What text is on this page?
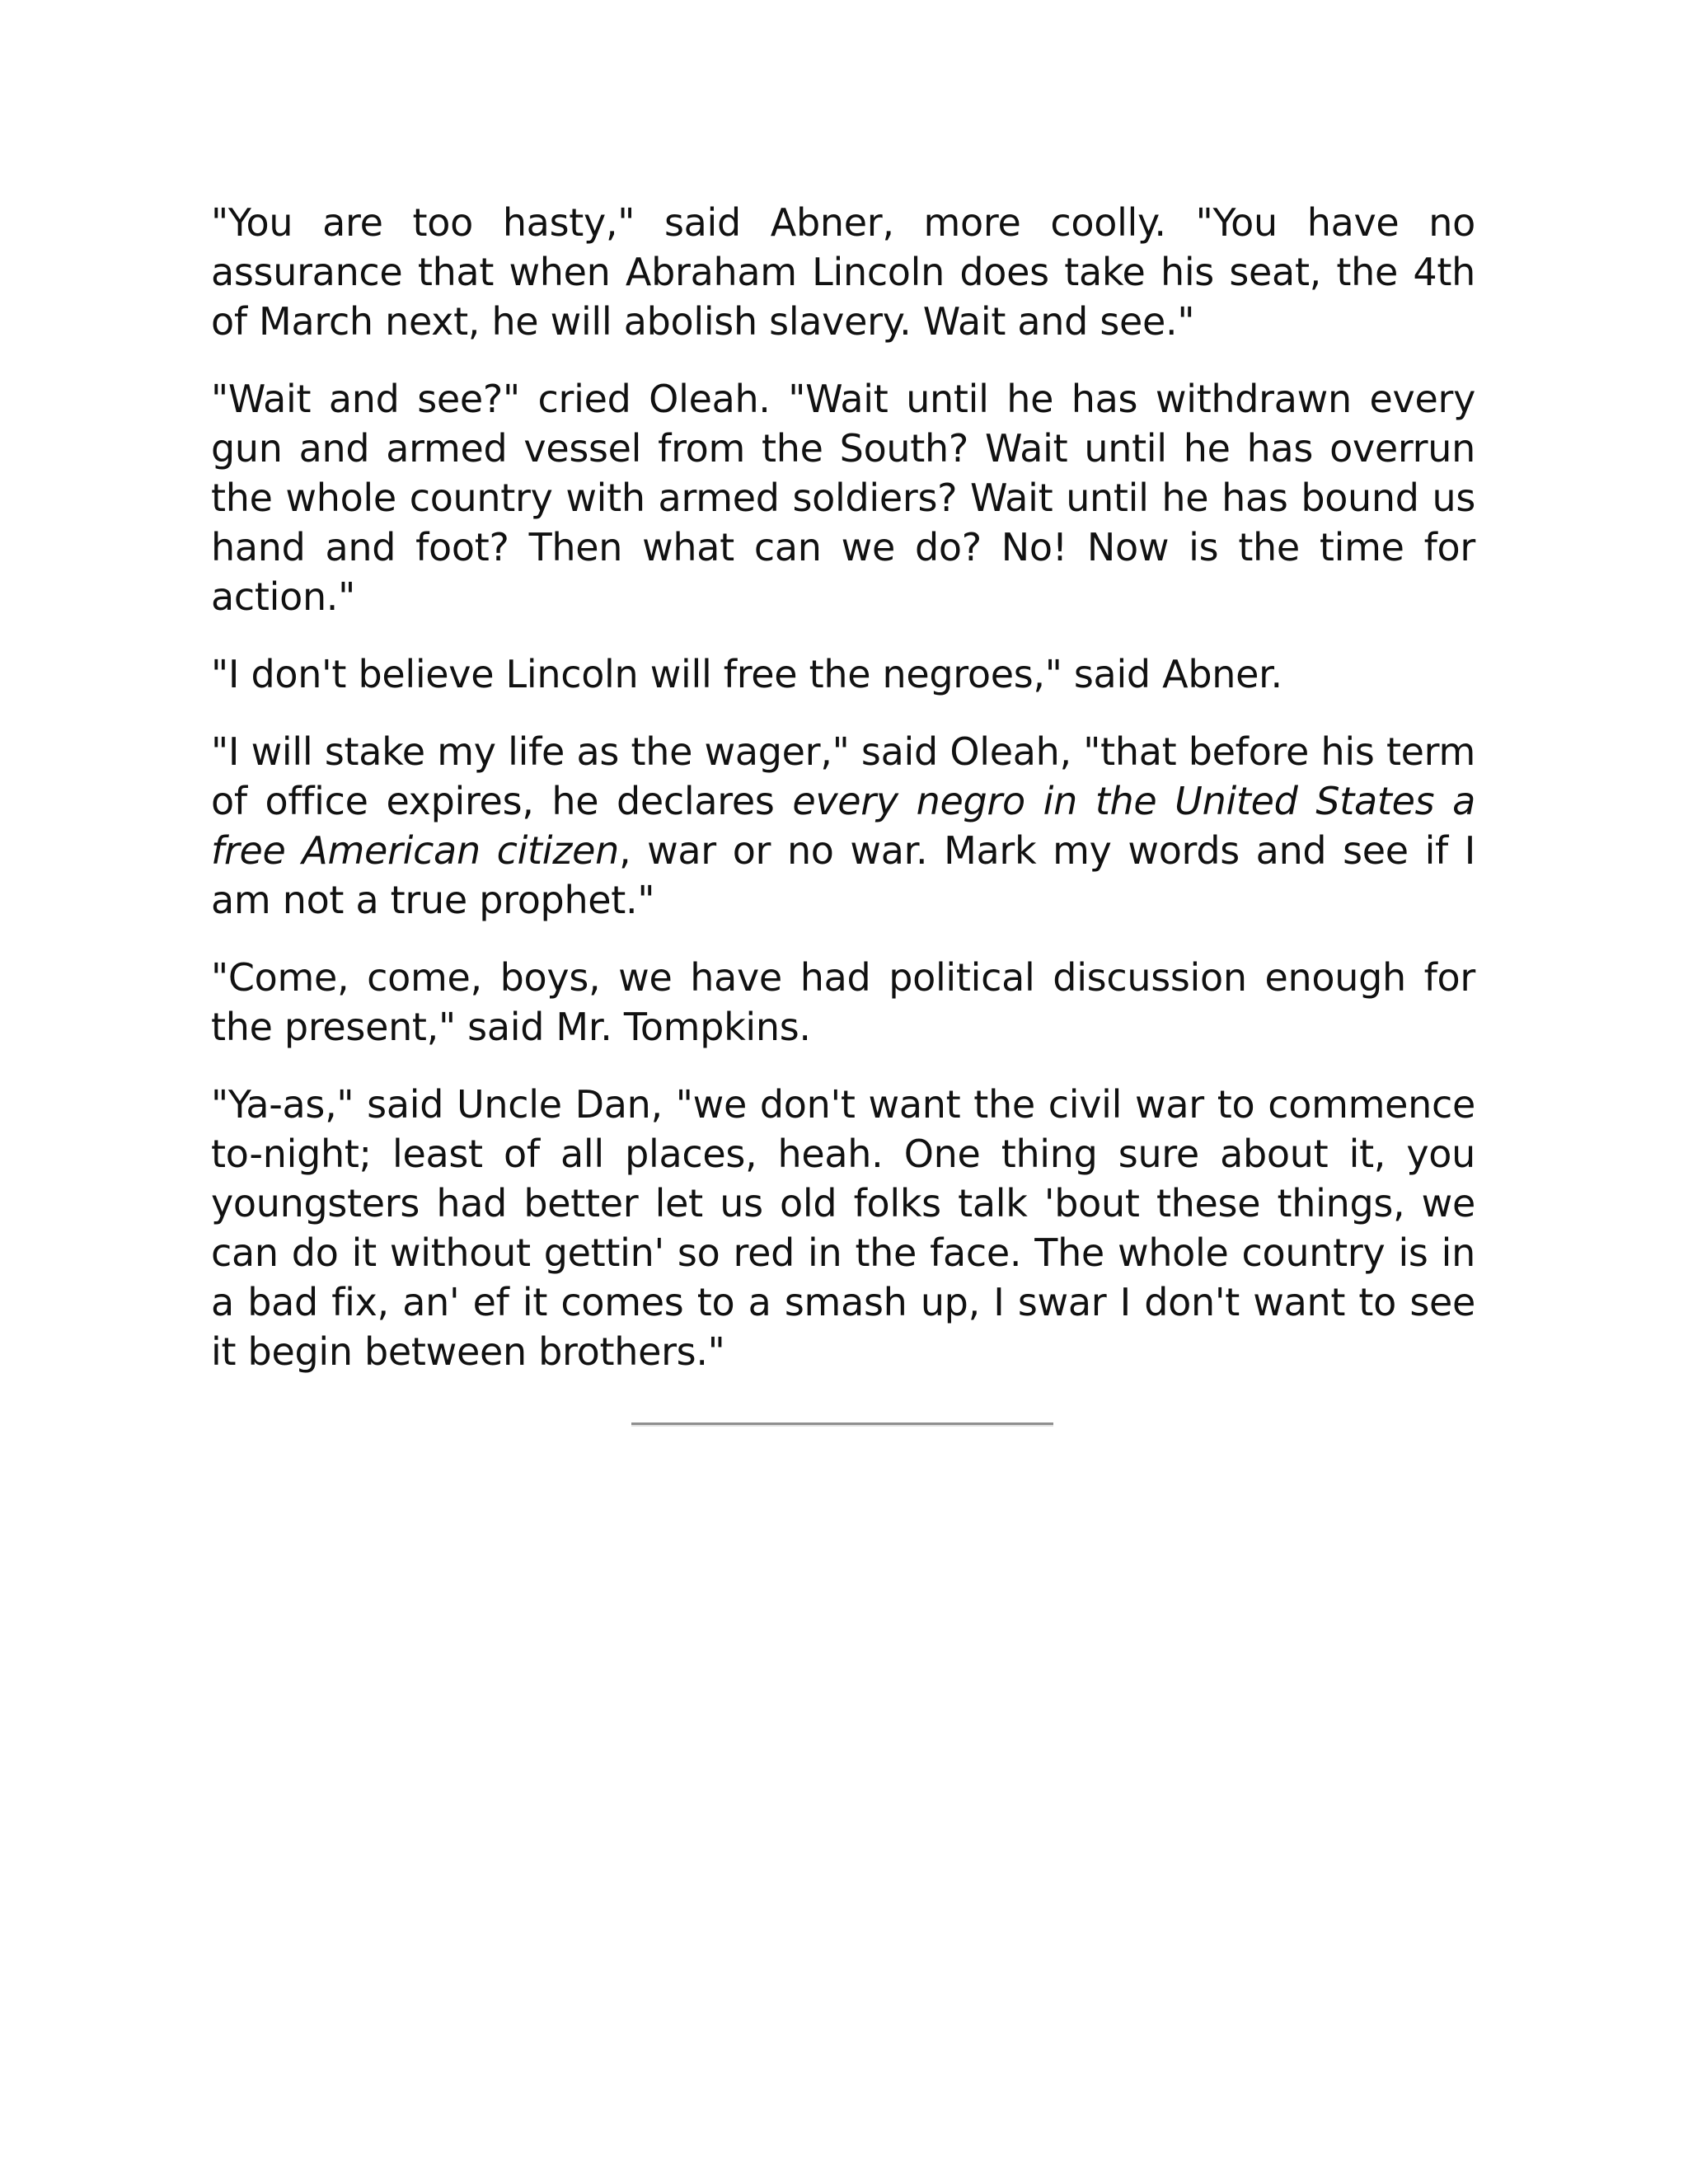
"You are too hasty," said Abner, more coolly. "You have no assurance that when Abraham Lincoln does take his seat, the 4th of March next, he will abolish slavery. Wait and see."

"Wait and see?" cried Oleah. "Wait until he has withdrawn every gun and armed vessel from the South? Wait until he has overrun the whole country with armed soldiers? Wait until he has bound us hand and foot? Then what can we do? No! Now is the time for action."

"I don't believe Lincoln will free the negroes," said Abner.

"I will stake my life as the wager," said Oleah, "that before his term of office expires, he declares every negro in the United States a free American citizen, war or no war. Mark my words and see if I am not a true prophet."

"Come, come, boys, we have had political discussion enough for the present," said Mr. Tompkins.

"Ya-as," said Uncle Dan, "we don't want the civil war to commence to-night; least of all places, heah. One thing sure about it, you youngsters had better let us old folks talk 'bout these things, we can do it without gettin' so red in the face. The whole country is in a bad fix, an' ef it comes to a smash up, I swar I don't want to see it begin between brothers."
